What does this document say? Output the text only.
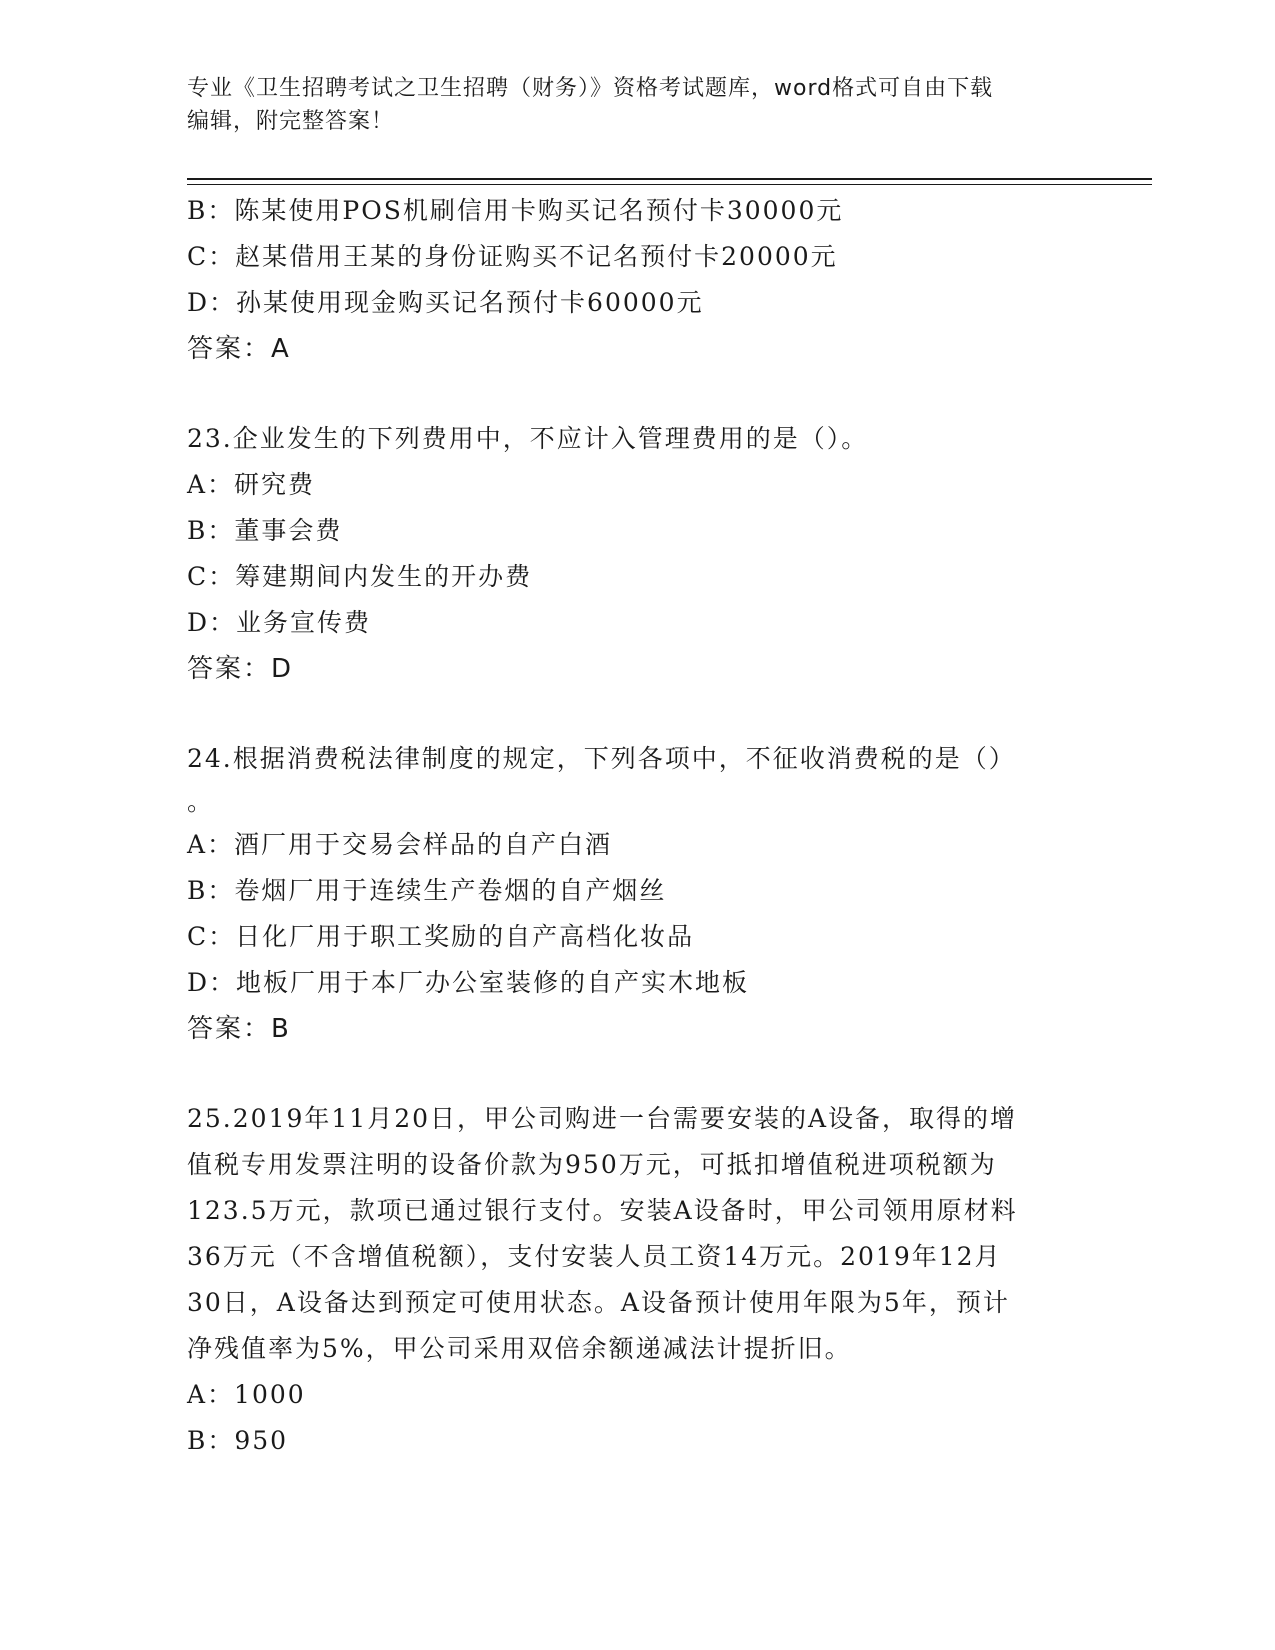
专业《卫生招聘考试之卫生招聘（财务）》资格考试题库，word格式可自由下载
编辑，附完整答案！
B：陈某使用POS机刷信用卡购买记名预付卡30000元
C：赵某借用王某的身份证购买不记名预付卡20000元
D：孙某使用现金购买记名预付卡60000元
答案：A
23.企业发生的下列费用中，不应计入管理费用的是（）。
A：研究费
B：董事会费
C：筹建期间内发生的开办费
D：业务宣传费
答案：D
24.根据消费税法律制度的规定，下列各项中，不征收消费税的是（）
。
A：酒厂用于交易会样品的自产白酒
B：卷烟厂用于连续生产卷烟的自产烟丝
C：日化厂用于职工奖励的自产高档化妆品
D：地板厂用于本厂办公室装修的自产实木地板
答案：B
25.2019年11月20日，甲公司购进一台需要安装的A设备，取得的增
值税专用发票注明的设备价款为950万元，可抵扣增值税进项税额为
123.5万元，款项已通过银行支付。安装A设备时，甲公司领用原材料
36万元（不含增值税额），支付安装人员工资14万元。2019年12月
30日，A设备达到预定可使用状态。A设备预计使用年限为5年，预计
净残值率为5%，甲公司采用双倍余额递减法计提折旧。
A：1000
B：950
